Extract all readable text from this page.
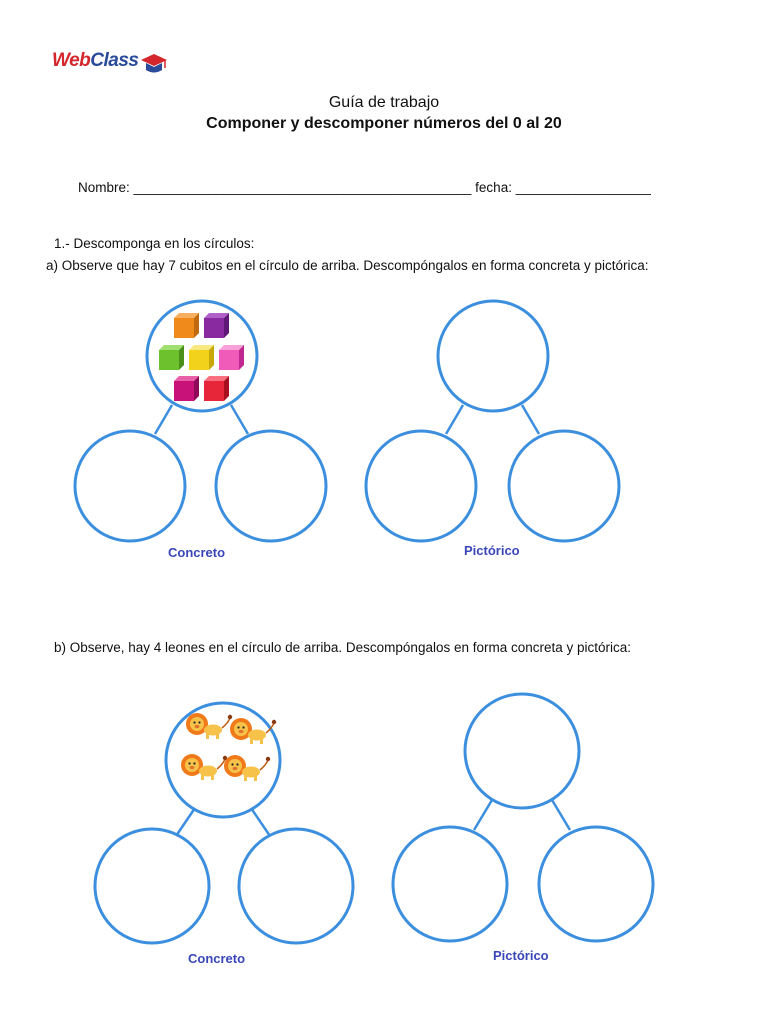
WebClass
Guía de trabajo
Componer y descomponer números del 0 al 20
Nombre: _____________________________________________ fecha: __________________
1.- Descomponga en los círculos:
a) Observe que hay 7 cubitos en el círculo de arriba. Descompóngalos en forma concreta y pictórica:
b) Observe, hay 4 leones en el círculo de arriba. Descompóngalos en forma concreta y pictórica:
Concreto	Pictórico
Concreto	Pictórico
